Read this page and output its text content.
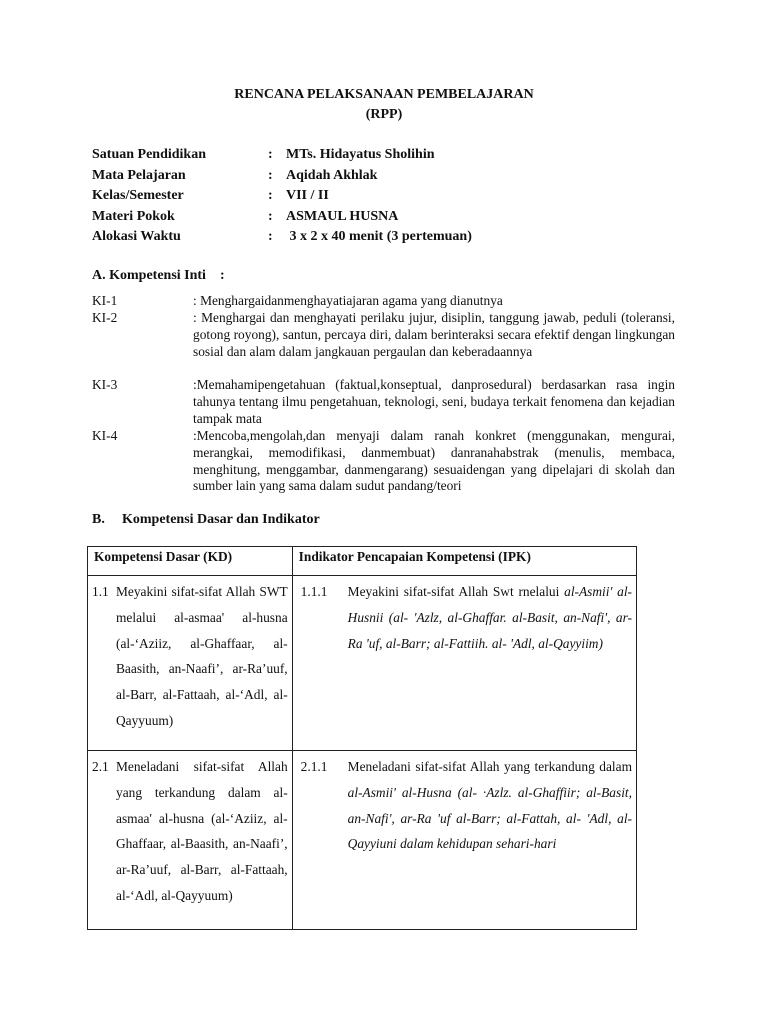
RENCANA PELAKSANAAN PEMBELAJARAN
(RPP)
Satuan Pendidikan	: MTs. Hidayatus Sholihin
Mata Pelajaran	: Aqidah Akhlak
Kelas/Semester	: VII / II
Materi Pokok	: ASMAUL HUSNA
Alokasi Waktu	: 3 x 2 x 40 menit (3 pertemuan)
A. Kompetensi Inti :
KI-1	: Menghargaidanmenghayatiajaran agama yang dianutnya
KI-2	: Menghargai dan menghayati perilaku jujur, disiplin, tanggung jawab, peduli (toleransi, gotong royong), santun, percaya diri, dalam berinteraksi secara efektif dengan lingkungan sosial dan alam dalam jangkauan pergaulan dan keberadaannya
KI-3	:Memahamipengetahuan (faktual,konseptual, danprosedural) berdasarkan rasa ingin tahunya tentang ilmu pengetahuan, teknologi, seni, budaya terkait fenomena dan kejadian tampak mata
KI-4	:Mencoba,mengolah,dan menyaji dalam ranah konkret (menggunakan, mengurai, merangkai, memodifikasi, danmembuat) danranahabstrak (menulis, membaca, menghitung, menggambar, danmengarang) sesuaidengan yang dipelajari di skolah dan sumber lain yang sama dalam sudut pandang/teori
B. Kompetensi Dasar dan Indikator
Kompetensi Dasar (KD)	Indikator Pencapaian Kompetensi (IPK)

1.1 Meyakini sifat-sifat Allah SWT melalui al-asmaa' al-husna (al-‘Aziiz, al-Ghaffaar, al- Baasith, an-Naafi’, ar-Ra’uuf, al-Barr, al-Fattaah, al-‘Adl, al-Qayyuum)	1.1.1 Meyakini sifat-sifat Allah Swt rnelalui al-Asmii' al-Husnii (al- 'Azlz, al-Ghaffar. al-Basit, an-Nafi', ar-Ra 'uf, al-Barr; al-Fattiih. al- 'Adl, al-Qayyiim)

2.1 Meneladani sifat-sifat Allah yang terkandung dalam al-asmaa' al-husna (al-‘Aziiz, al- Ghaffaar, al-Baasith, an-Naafi’, ar-Ra’uuf, al-Barr, al-Fattaah, al-‘Adl, al-Qayyuum)	2.1.1 Meneladani sifat-sifat Allah yang terkandung dalam al-Asmii' al-Husna (al- ·Azlz. al-Ghaffiir; al-Basit, an-Nafi', ar-Ra 'uf al-Barr; al-Fattah, al- 'Adl, al-Qayyiuni dalam kehidupan sehari-hari
